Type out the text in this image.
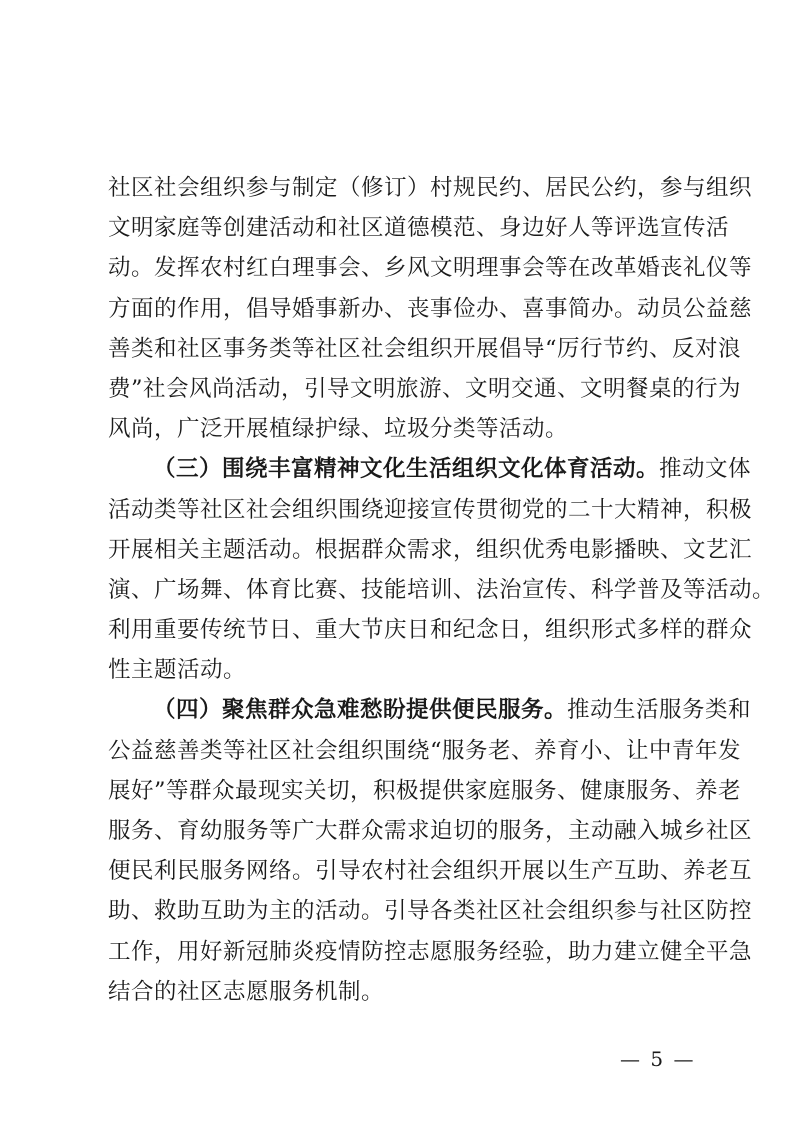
社区社会组织参与制定（修订）村规民约、居民公约，参与组织
文明家庭等创建活动和社区道德模范、身边好人等评选宣传活
动。发挥农村红白理事会、乡风文明理事会等在改革婚丧礼仪等
方面的作用，倡导婚事新办、丧事俭办、喜事简办。动员公益慈
善类和社区事务类等社区社会组织开展倡导“厉行节约、反对浪
费”社会风尚活动，引导文明旅游、文明交通、文明餐桌的行为
风尚，广泛开展植绿护绿、垃圾分类等活动。
（三）围绕丰富精神文化生活组织文化体育活动。推动文体
活动类等社区社会组织围绕迎接宣传贯彻党的二十大精神，积极
开展相关主题活动。根据群众需求，组织优秀电影播映、文艺汇
演、广场舞、体育比赛、技能培训、法治宣传、科学普及等活动。
利用重要传统节日、重大节庆日和纪念日，组织形式多样的群众
性主题活动。
（四）聚焦群众急难愁盼提供便民服务。推动生活服务类和
公益慈善类等社区社会组织围绕“服务老、养育小、让中青年发
展好”等群众最现实关切，积极提供家庭服务、健康服务、养老
服务、育幼服务等广大群众需求迫切的服务，主动融入城乡社区
便民利民服务网络。引导农村社会组织开展以生产互助、养老互
助、救助互助为主的活动。引导各类社区社会组织参与社区防控
工作，用好新冠肺炎疫情防控志愿服务经验，助力建立健全平急
结合的社区志愿服务机制。
— 5 —
